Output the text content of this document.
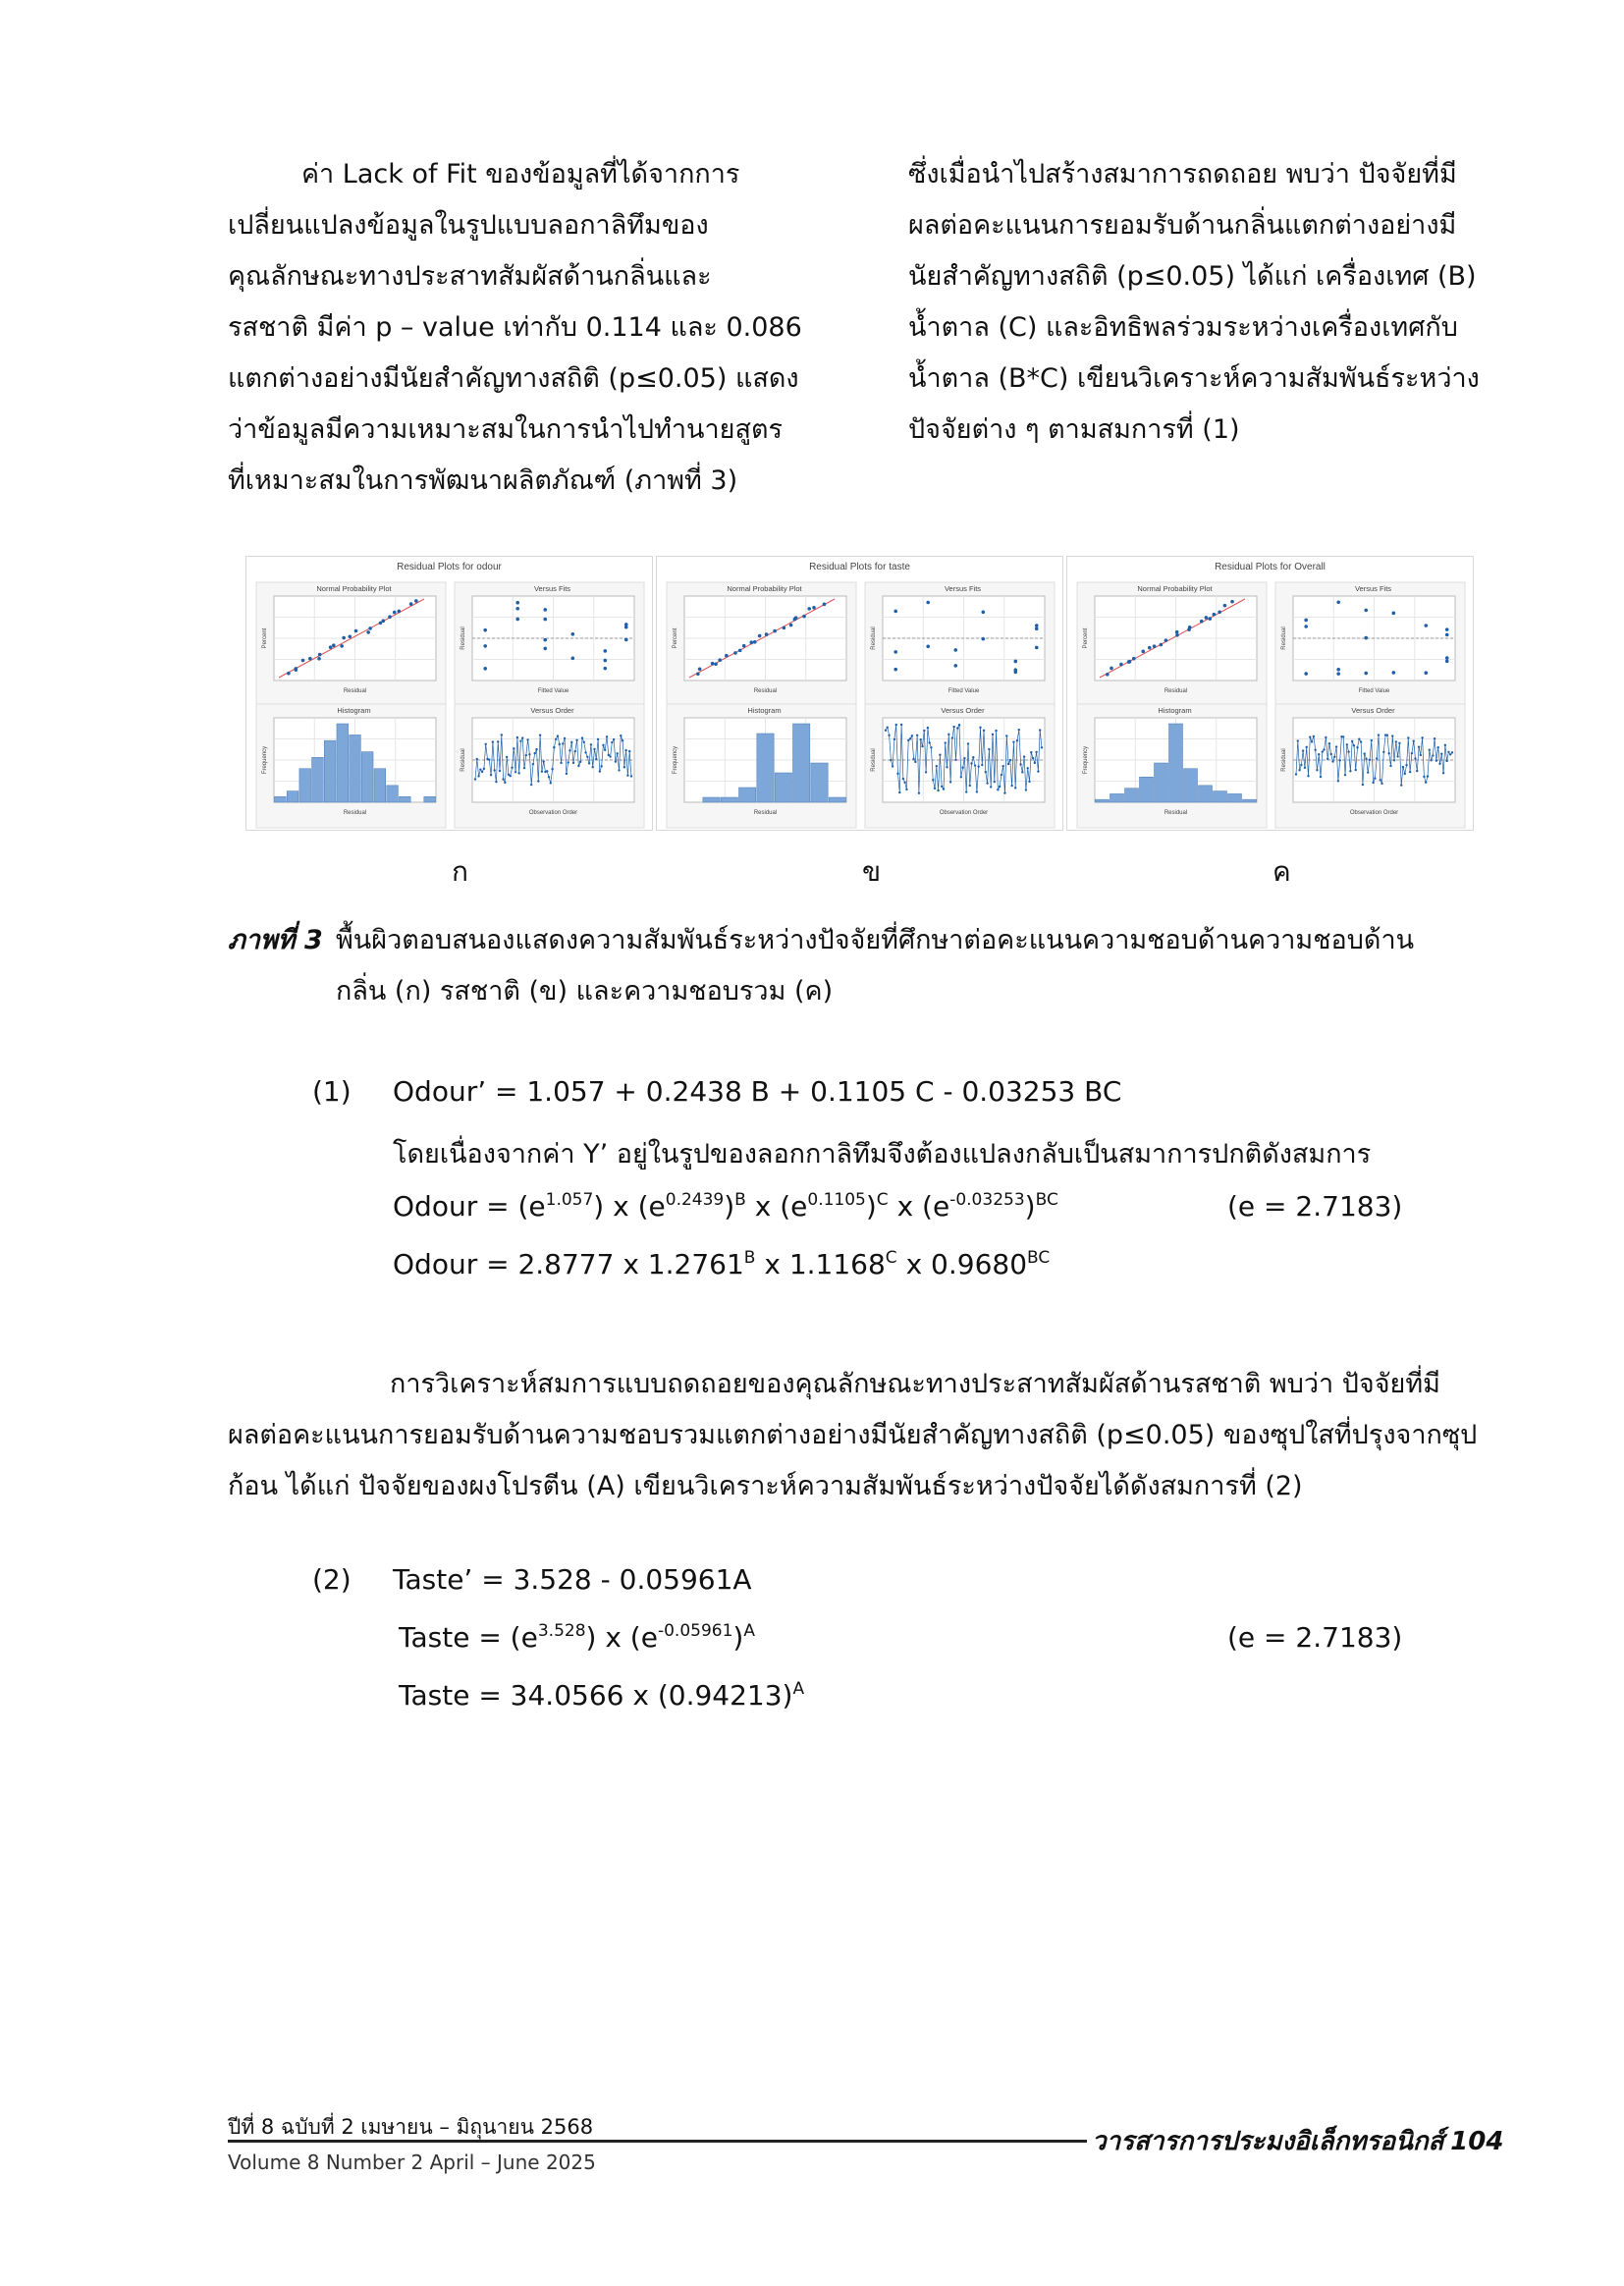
ค่า Lack of Fit ของข้อมูลที่ได้จากการ
เปลี่ยนแปลงข้อมูลในรูปแบบลอกาลิทึมของ
คุณลักษณะทางประสาทสัมผัสด้านกลิ่นและ
รสชาติ มีค่า p – value เท่ากับ 0.114 และ 0.086
แตกต่างอย่างมีนัยสำคัญทางสถิติ (p≤0.05) แสดง
ว่าข้อมูลมีความเหมาะสมในการนำไปทำนายสูตร
ที่เหมาะสมในการพัฒนาผลิตภัณฑ์ (ภาพที่ 3)
ซึ่งเมื่อนำไปสร้างสมาการถดถอย พบว่า ปัจจัยที่มี
ผลต่อคะแนนการยอมรับด้านกลิ่นแตกต่างอย่างมี
นัยสำคัญทางสถิติ (p≤0.05) ได้แก่ เครื่องเทศ (B)
น้ำตาล (C) และอิทธิพลร่วมระหว่างเครื่องเทศกับ
น้ำตาล (B*C) เขียนวิเคราะห์ความสัมพันธ์ระหว่าง
ปัจจัยต่าง ๆ ตามสมการที่ (1)
Residual Plots for odour
Normal Probability Plot
Residual
Percent
Versus Fits
Fitted Value
Residual
Histogram
Residual
Frequency
Versus Order
Observation Order
Residual
Residual Plots for taste
Normal Probability Plot
Residual
Percent
Versus Fits
Fitted Value
Residual
Histogram
Residual
Frequency
Versus Order
Observation Order
Residual
Residual Plots for Overall
Normal Probability Plot
Residual
Percent
Versus Fits
Fitted Value
Residual
Histogram
Residual
Frequency
Versus Order
Observation Order
Residual
ก	ข	ค
ภาพที่ 3 พื้นผิวตอบสนองแสดงความสัมพันธ์ระหว่างปัจจัยที่ศึกษาต่อคะแนนความชอบด้านความชอบด้าน
กลิ่น (ก) รสชาติ (ข) และความชอบรวม (ค)
(1) Odour’ = 1.057 + 0.2438 B + 0.1105 C - 0.03253 BC
โดยเนื่องจากค่า Y’ อยู่ในรูปของลอกกาลิทึมจึงต้องแปลงกลับเป็นสมาการปกติดังสมการ
Odour = $(e^{1.057})$ x $(e^{0.2439})^B$ x $(e^{0.1105})^C$ x $(e^{-0.03253})^{BC}$	(e = 2.7183)
Odour = 2.8777 x $1.2761^B$ x $1.1168^C$ x $0.9680^{BC}$
การวิเคราะห์สมการแบบถดถอยของคุณลักษณะทางประสาทสัมผัสด้านรสชาติ พบว่า ปัจจัยที่มี
ผลต่อคะแนนการยอมรับด้านความชอบรวมแตกต่างอย่างมีนัยสำคัญทางสถิติ (p≤0.05) ของซุปใสที่ปรุงจากซุป
ก้อน ได้แก่ ปัจจัยของผงโปรตีน (A) เขียนวิเคราะห์ความสัมพันธ์ระหว่างปัจจัยได้ดังสมการที่ (2)
(2) Taste’ = 3.528 - 0.05961A
Taste = $(e^{3.528})$ x $(e^{-0.05961})^A$	(e = 2.7183)
Taste = 34.0566 x $(0.94213)^A$
ปีที่ 8 ฉบับที่ 2 เมษายน – มิถุนายน 2568
Volume 8 Number 2 April – June 2025
วารสารการประมงอิเล็กทรอนิกส์ 104
